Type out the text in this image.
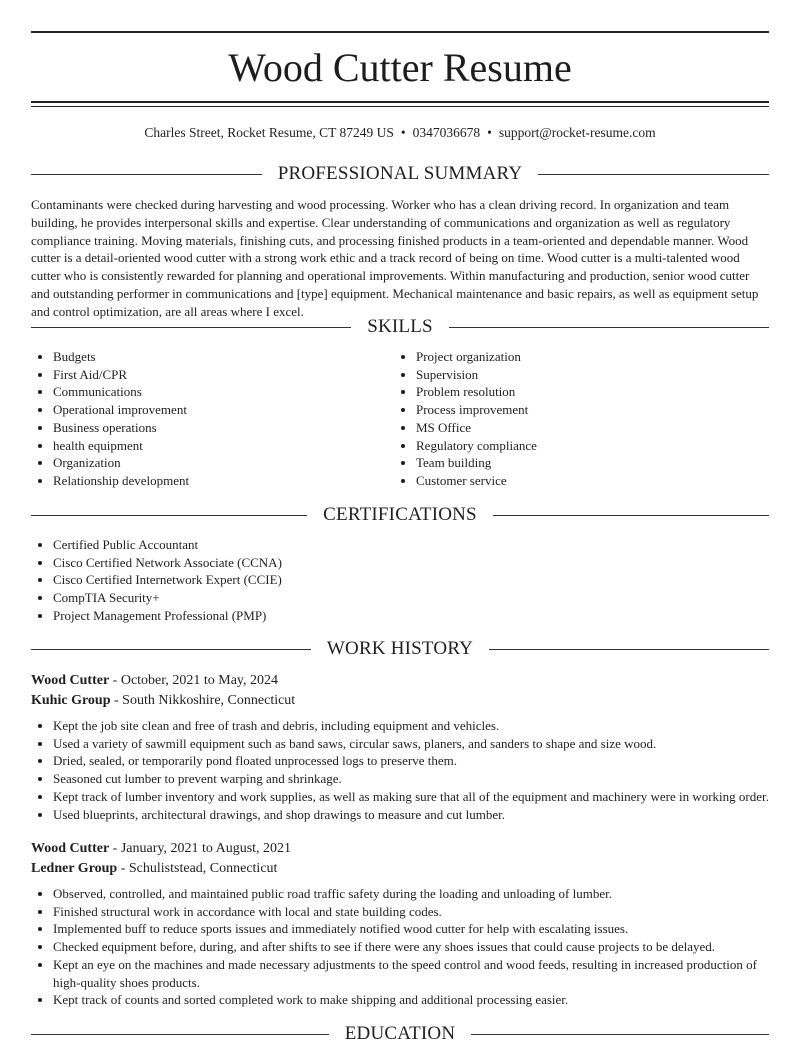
Wood Cutter Resume
Charles Street, Rocket Resume, CT 87249 US • 0347036678 • support@rocket-resume.com
PROFESSIONAL SUMMARY
Contaminants were checked during harvesting and wood processing. Worker who has a clean driving record. In organization and team building, he provides interpersonal skills and expertise. Clear understanding of communications and organization as well as regulatory compliance training. Moving materials, finishing cuts, and processing finished products in a team-oriented and dependable manner. Wood cutter is a detail-oriented wood cutter with a strong work ethic and a track record of being on time. Wood cutter is a multi-talented wood cutter who is consistently rewarded for planning and operational improvements. Within manufacturing and production, senior wood cutter and outstanding performer in communications and [type] equipment. Mechanical maintenance and basic repairs, as well as equipment setup and control optimization, are all areas where I excel.
SKILLS
• Budgets
• First Aid/CPR
• Communications
• Operational improvement
• Business operations
• health equipment
• Organization
• Relationship development
• Project organization
• Supervision
• Problem resolution
• Process improvement
• MS Office
• Regulatory compliance
• Team building
• Customer service
CERTIFICATIONS
• Certified Public Accountant
• Cisco Certified Network Associate (CCNA)
• Cisco Certified Internetwork Expert (CCIE)
• CompTIA Security+
• Project Management Professional (PMP)
WORK HISTORY
Wood Cutter - October, 2021 to May, 2024
Kuhic Group - South Nikkoshire, Connecticut
• Kept the job site clean and free of trash and debris, including equipment and vehicles.
• Used a variety of sawmill equipment such as band saws, circular saws, planers, and sanders to shape and size wood.
• Dried, sealed, or temporarily pond floated unprocessed logs to preserve them.
• Seasoned cut lumber to prevent warping and shrinkage.
• Kept track of lumber inventory and work supplies, as well as making sure that all of the equipment and machinery were in working order.
• Used blueprints, architectural drawings, and shop drawings to measure and cut lumber.
Wood Cutter - January, 2021 to August, 2021
Ledner Group - Schuliststead, Connecticut
• Observed, controlled, and maintained public road traffic safety during the loading and unloading of lumber.
• Finished structural work in accordance with local and state building codes.
• Implemented buff to reduce sports issues and immediately notified wood cutter for help with escalating issues.
• Checked equipment before, during, and after shifts to see if there were any shoes issues that could cause projects to be delayed.
• Kept an eye on the machines and made necessary adjustments to the speed control and wood feeds, resulting in increased production of high-quality shoes products.
• Kept track of counts and sorted completed work to make shipping and additional processing easier.
EDUCATION
